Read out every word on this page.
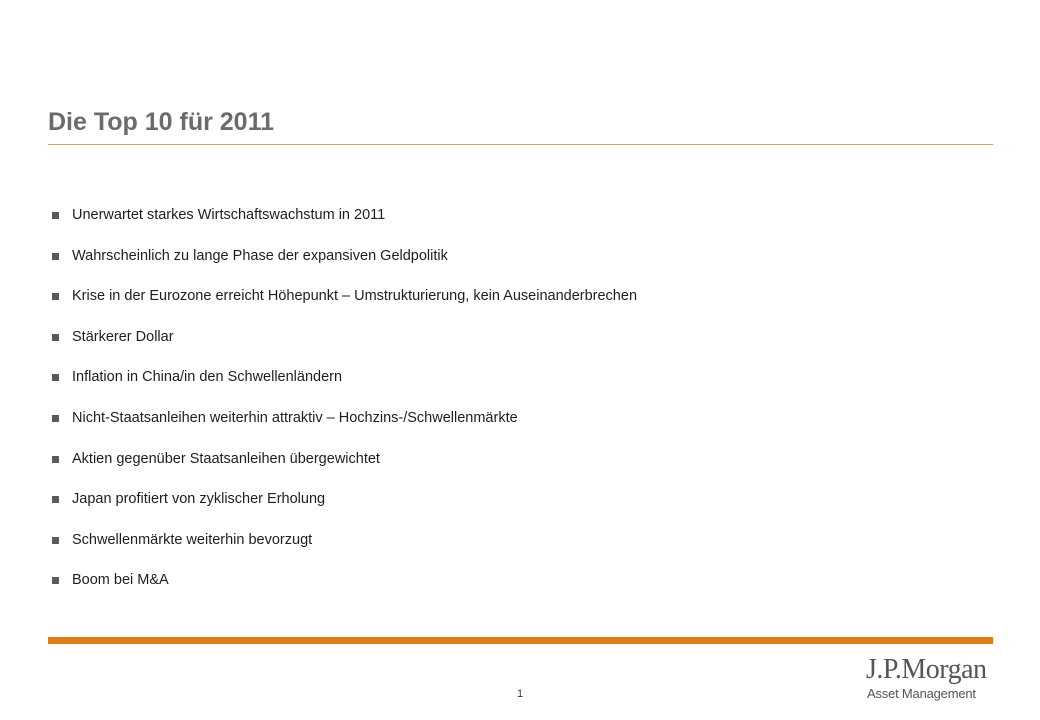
Die Top 10 für 2011
Unerwartet starkes Wirtschaftswachstum in 2011
Wahrscheinlich zu lange Phase der expansiven Geldpolitik
Krise in der Eurozone erreicht Höhepunkt – Umstrukturierung, kein Auseinanderbrechen
Stärkerer Dollar
Inflation in China/in den Schwellenländern
Nicht-Staatsanleihen weiterhin attraktiv – Hochzins-/Schwellenmärkte
Aktien gegenüber Staatsanleihen übergewichtet
Japan profitiert von zyklischer Erholung
Schwellenmärkte weiterhin bevorzugt
Boom bei M&A
1
J.P.Morgan
Asset Management
